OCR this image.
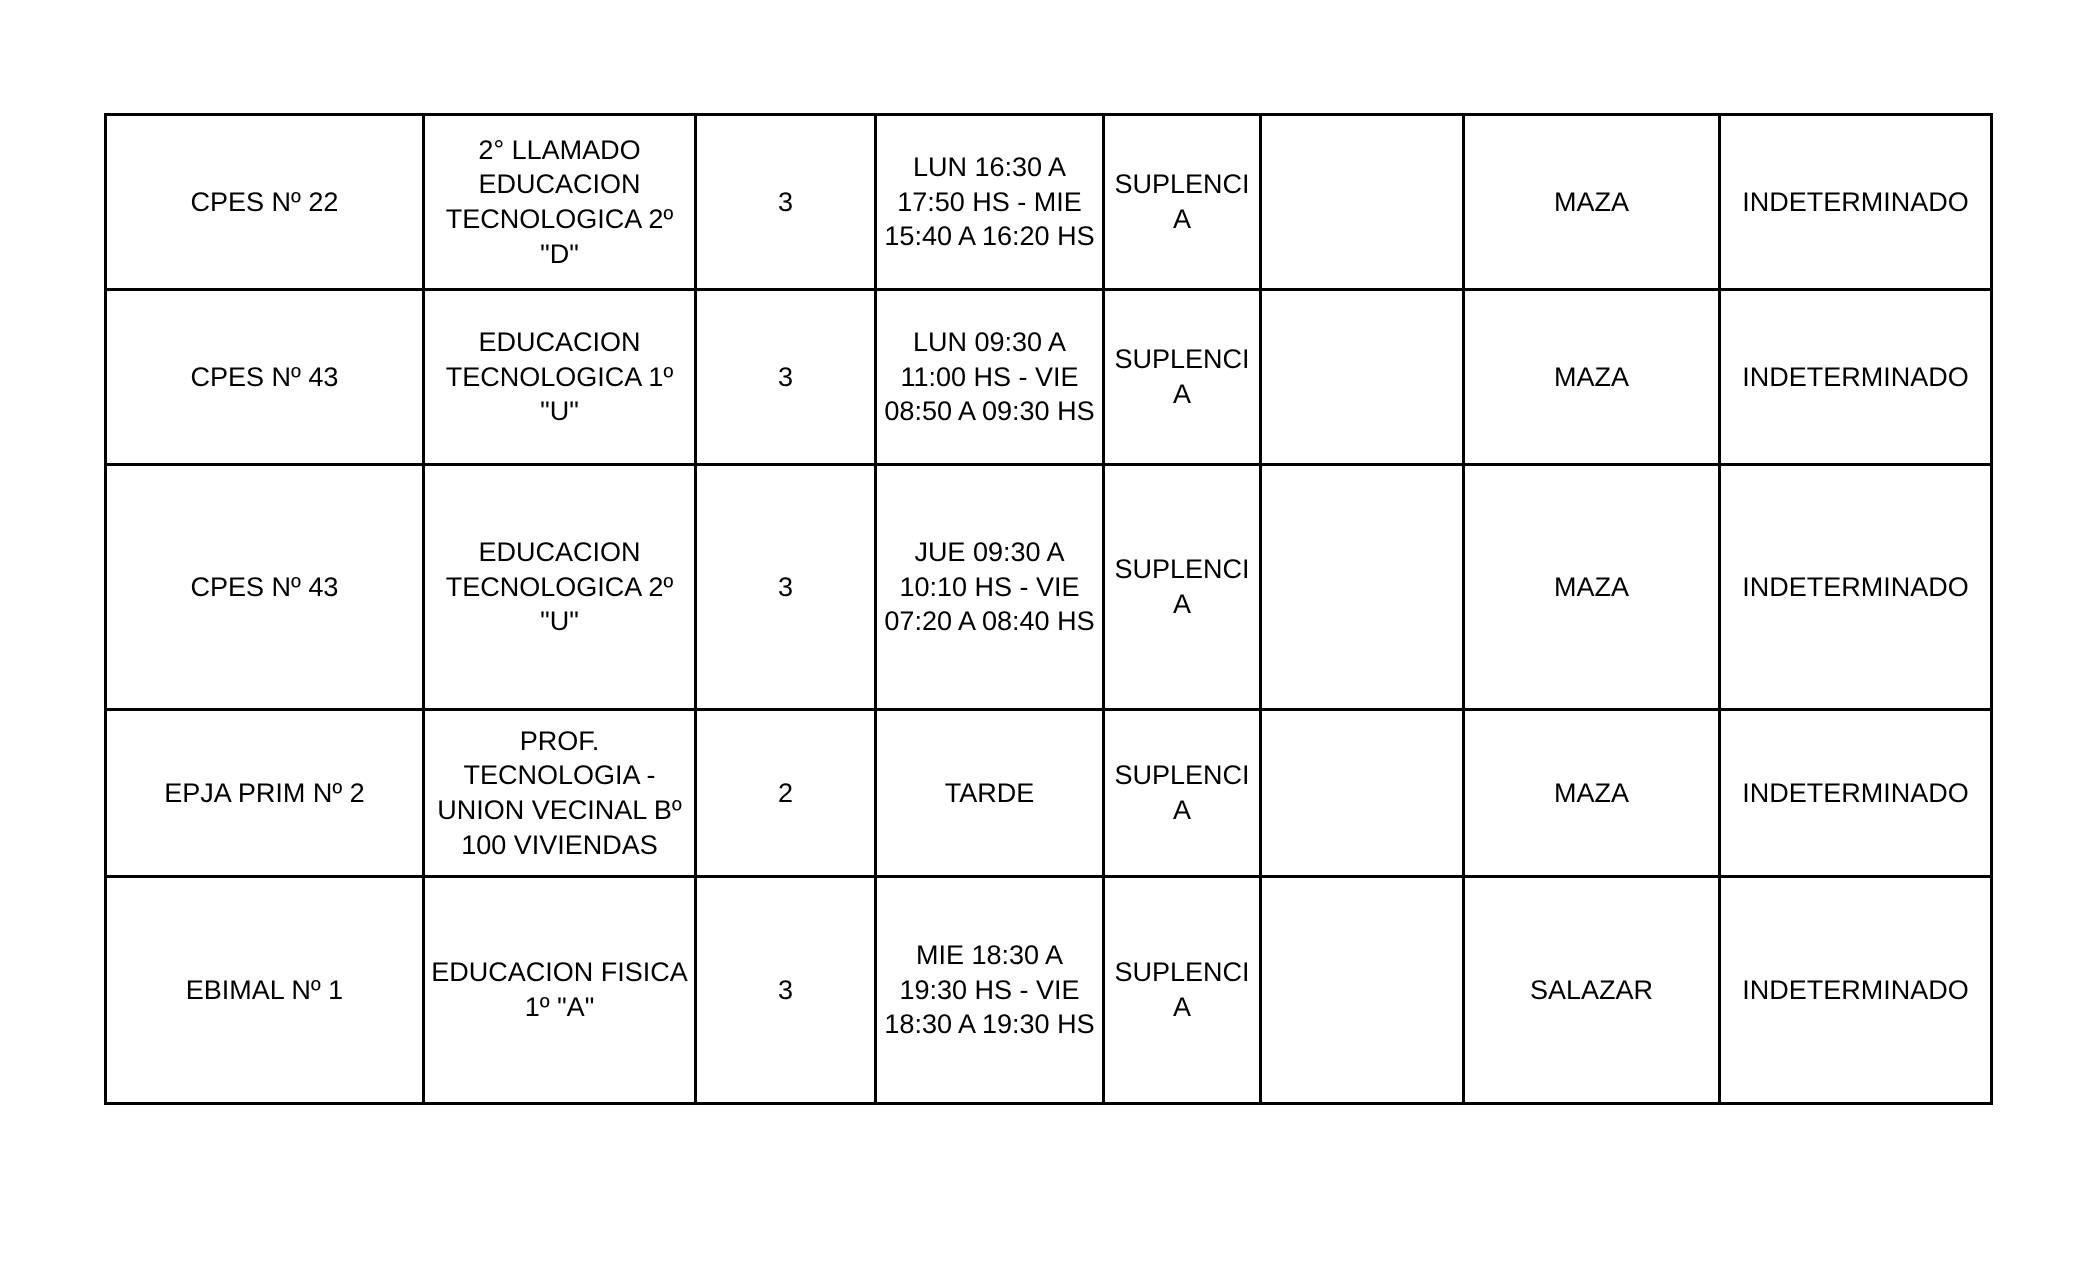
CPES Nº 22	2° LLAMADO EDUCACION TECNOLOGICA 2º "D"	3	LUN 16:30 A 17:50 HS - MIE 15:40 A 16:20 HS	SUPLENCIA		MAZA	INDETERMINADO
CPES Nº 43	EDUCACION TECNOLOGICA 1º "U"	3	LUN 09:30 A 11:00 HS - VIE 08:50 A 09:30 HS	SUPLENCIA		MAZA	INDETERMINADO
CPES Nº 43	EDUCACION TECNOLOGICA 2º "U"	3	JUE 09:30 A 10:10 HS - VIE 07:20 A 08:40 HS	SUPLENCIA		MAZA	INDETERMINADO
EPJA PRIM Nº 2	PROF. TECNOLOGIA - UNION VECINAL Bº 100 VIVIENDAS	2	TARDE	SUPLENCIA		MAZA	INDETERMINADO
EBIMAL Nº 1	EDUCACION FISICA 1º "A"	3	MIE 18:30 A 19:30 HS - VIE 18:30 A 19:30 HS	SUPLENCIA		SALAZAR	INDETERMINADO
